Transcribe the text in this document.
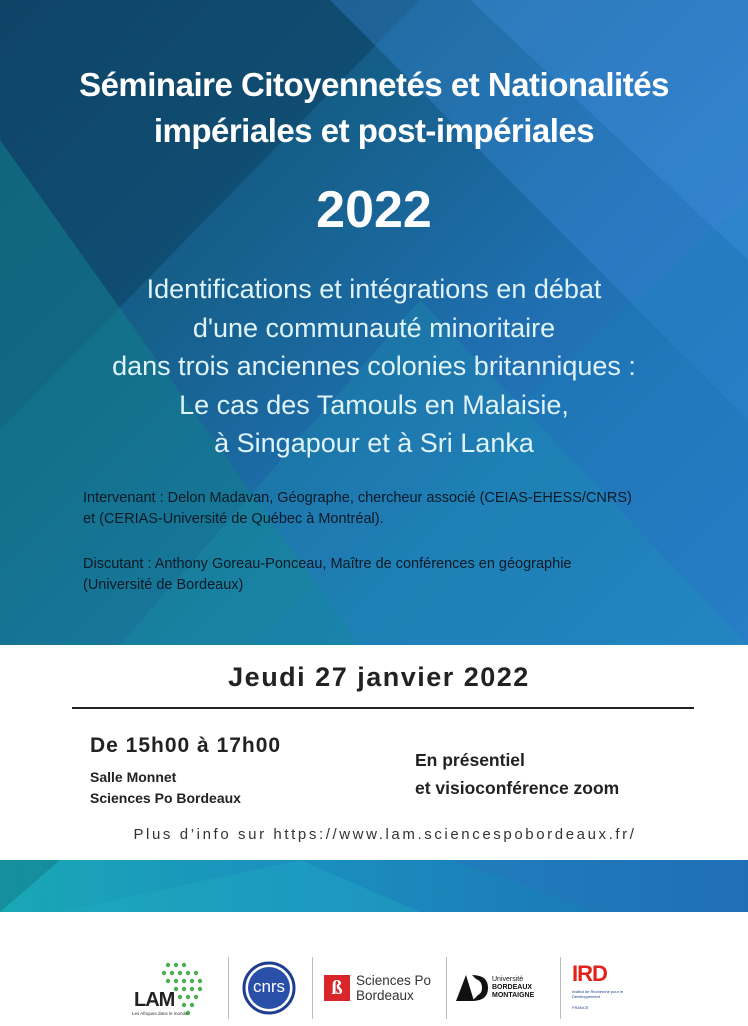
Séminaire Citoyennetés et Nationalités
impériales et post-impériales
2022
Identifications et intégrations en débat
d'une communauté minoritaire
dans trois anciennes colonies britanniques :
Le cas des Tamouls en Malaisie,
à Singapour et à Sri Lanka
Intervenant : Delon Madavan, Géographe, chercheur associé (CEIAS-EHESS/CNRS)
et (CERIAS-Université de Québec à Montréal).
Discutant : Anthony Goreau-Ponceau, Maître de conférences en géographie
(Université de Bordeaux)
Jeudi 27 janvier 2022
De 15h00 à 17h00
Salle Monnet
Sciences Po Bordeaux
En présentiel
et visioconférence zoom
Plus d’info sur https://www.lam.sciencespobordeaux.fr/
LAM
Les Afriques dans le monde
cnrs	ß Sciences Po
Bordeaux
Université
BORDEAUX
MONTAIGNE
IRD
Institut de Recherche pour le Développement
FRANCE
